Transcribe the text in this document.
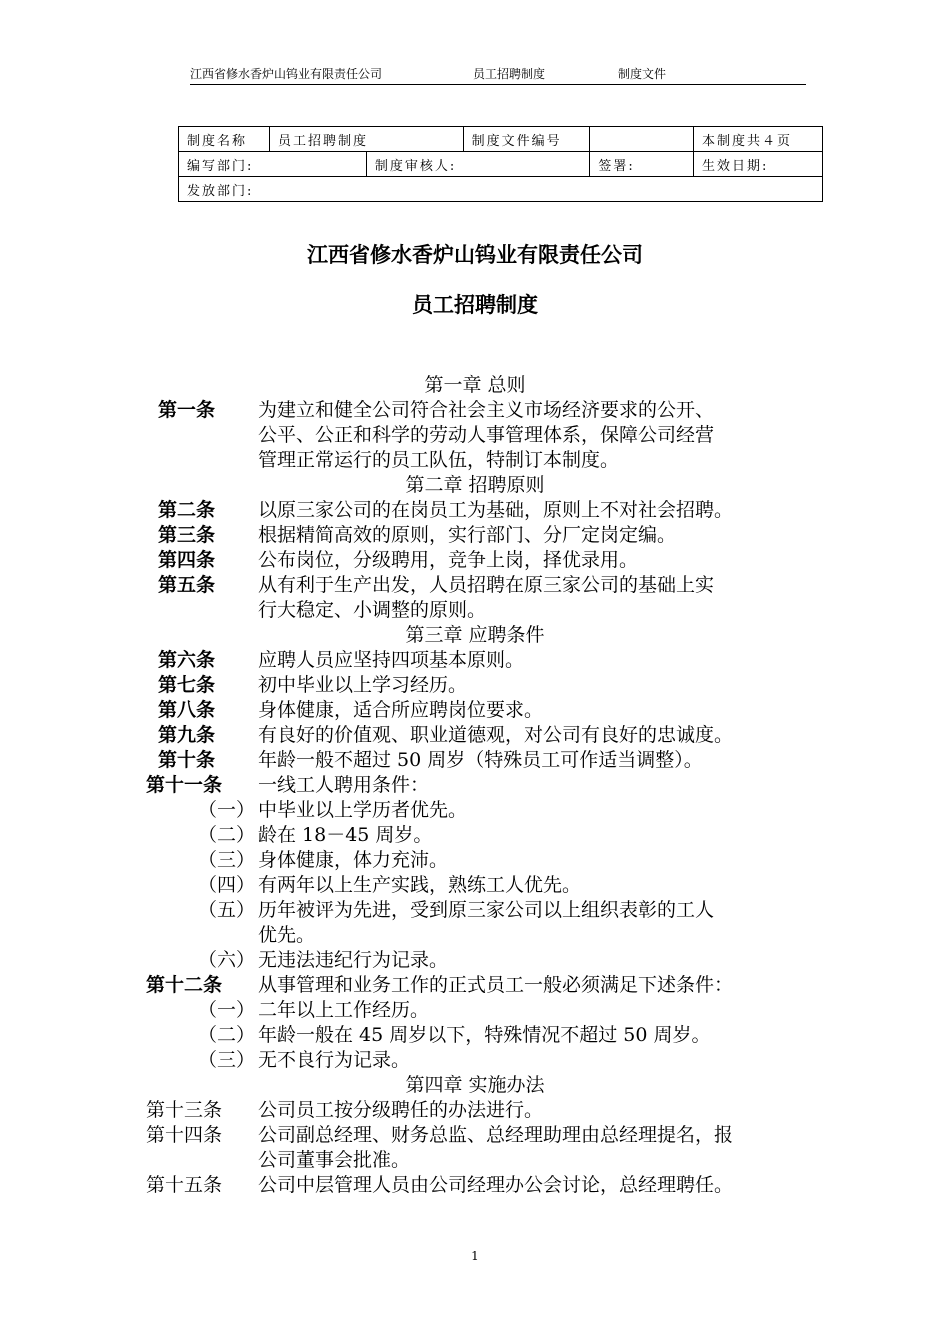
江西省修水香炉山钨业有限责任公司	员工招聘制度	制度文件
制度名称	员工招聘制度		制度文件编号		本制度共４页
编写部门:		制度审核人:		签署:	生效日期:
发放部门:					
江西省修水香炉山钨业有限责任公司
员工招聘制度
第一章 总则
第一条 为建立和健全公司符合社会主义市场经济要求的公开、
公平、公正和科学的劳动人事管理体系，保障公司经营
管理正常运行的员工队伍，特制订本制度。
第二章 招聘原则
第二条 以原三家公司的在岗员工为基础，原则上不对社会招聘。
第三条 根据精简高效的原则，实行部门、分厂定岗定编。
第四条 公布岗位，分级聘用，竞争上岗，择优录用。
第五条 从有利于生产出发，人员招聘在原三家公司的基础上实
行大稳定、小调整的原则。
第三章 应聘条件
第六条 应聘人员应坚持四项基本原则。
第七条 初中毕业以上学习经历。
第八条 身体健康，适合所应聘岗位要求。
第九条 有良好的价值观、职业道德观，对公司有良好的忠诚度。
第十条 年龄一般不超过 50 周岁（特殊员工可作适当调整）。
第十一条 一线工人聘用条件：
（一） 中毕业以上学历者优先。
（二） 龄在 18－45 周岁。
（三） 身体健康，体力充沛。
（四） 有两年以上生产实践，熟练工人优先。
（五） 历年被评为先进，受到原三家公司以上组织表彰的工人
优先。
（六） 无违法违纪行为记录。
第十二条 从事管理和业务工作的正式员工一般必须满足下述条件：
（一） 二年以上工作经历。
（二） 年龄一般在 45 周岁以下，特殊情况不超过 50 周岁。
（三） 无不良行为记录。
第四章 实施办法
第十三条 公司员工按分级聘任的办法进行。
第十四条 公司副总经理、财务总监、总经理助理由总经理提名，报
公司董事会批准。
第十五条 公司中层管理人员由公司经理办公会讨论，总经理聘任。
1
